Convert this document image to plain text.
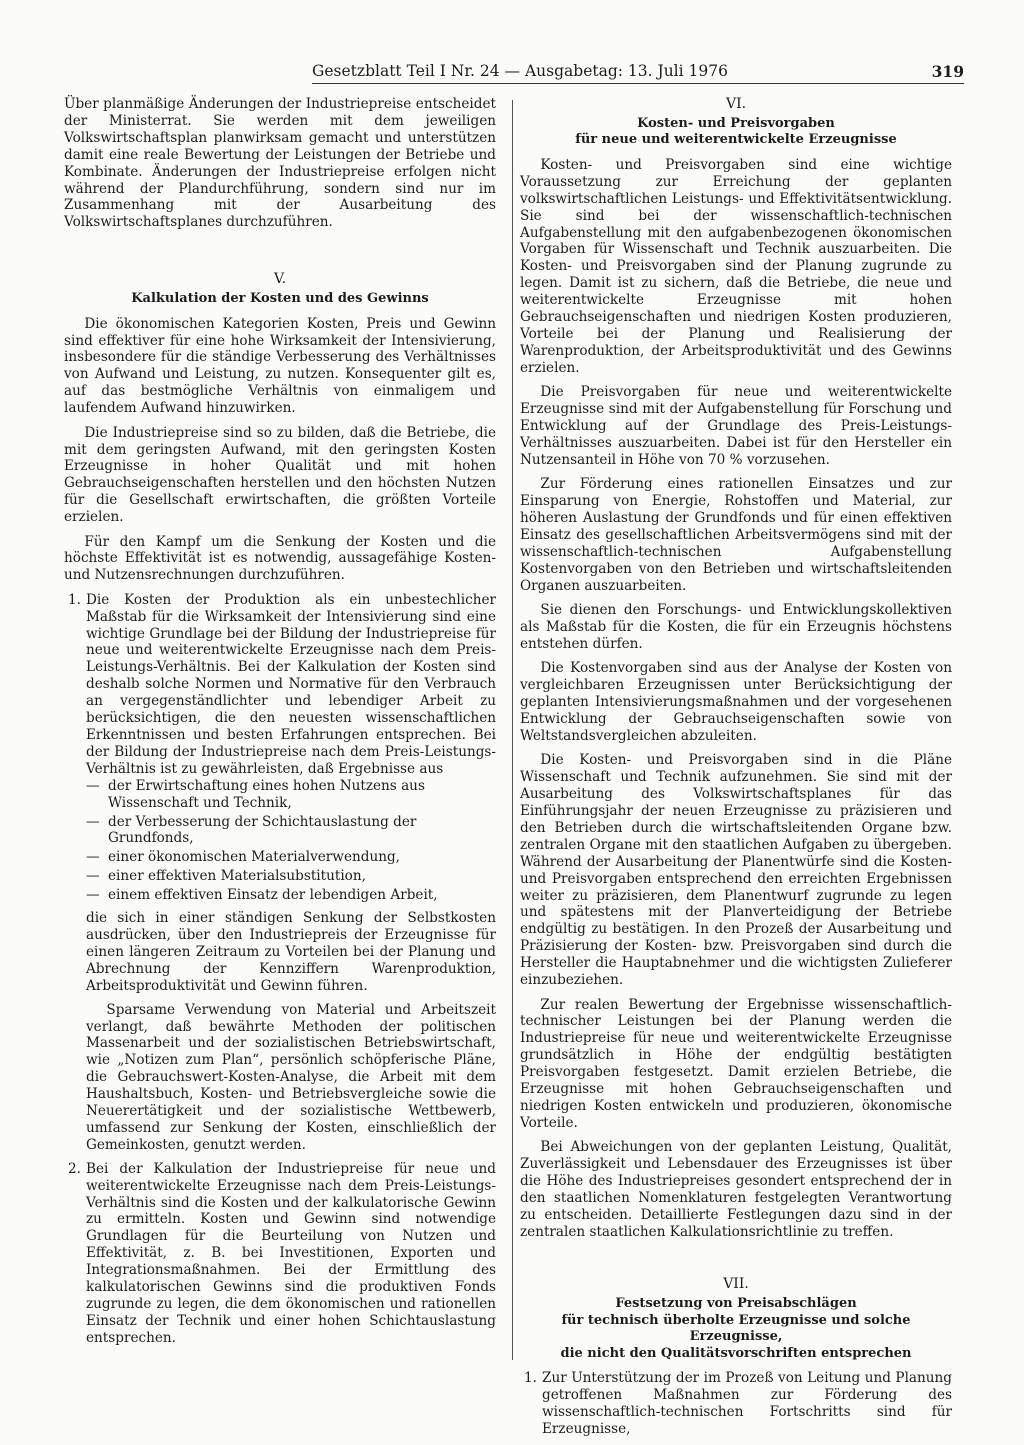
Gesetzblatt Teil I Nr. 24 — Ausgabetag: 13. Juli 1976	319

Über planmäßige Änderungen der Industriepreise entscheidet der Ministerrat. Sie werden mit dem jeweiligen Volkswirtschaftsplan planwirksam gemacht und unterstützen damit eine reale Bewertung der Leistungen der Betriebe und Kombinate. Änderungen der Industriepreise erfolgen nicht während der Plandurchführung, sondern sind nur im Zusammenhang mit der Ausarbeitung des Volkswirtschaftsplanes durchzuführen.

V.
Kalkulation der Kosten und des Gewinns

Die ökonomischen Kategorien Kosten, Preis und Gewinn sind effektiver für eine hohe Wirksamkeit der Intensivierung, insbesondere für die ständige Verbesserung des Verhältnisses von Aufwand und Leistung, zu nutzen. Konsequenter gilt es, auf das bestmögliche Verhältnis von einmaligem und laufendem Aufwand hinzuwirken.

Die Industriepreise sind so zu bilden, daß die Betriebe, die mit dem geringsten Aufwand, mit den geringsten Kosten Erzeugnisse in hoher Qualität und mit hohen Gebrauchseigenschaften herstellen und den höchsten Nutzen für die Gesellschaft erwirtschaften, die größten Vorteile erzielen.

Für den Kampf um die Senkung der Kosten und die höchste Effektivität ist es notwendig, aussagefähige Kosten- und Nutzensrechnungen durchzuführen.

1. Die Kosten der Produktion als ein unbestechlicher Maßstab für die Wirksamkeit der Intensivierung sind eine wichtige Grundlage bei der Bildung der Industriepreise für neue und weiterentwickelte Erzeugnisse nach dem Preis-Leistungs-Verhältnis. Bei der Kalkulation der Kosten sind deshalb solche Normen und Normative für den Verbrauch an vergegenständlichter und lebendiger Arbeit zu berücksichtigen, die den neuesten wissenschaftlichen Erkenntnissen und besten Erfahrungen entsprechen. Bei der Bildung der Industriepreise nach dem Preis-Leistungs-Verhältnis ist zu gewährleisten, daß Ergebnisse aus

— der Erwirtschaftung eines hohen Nutzens aus Wissenschaft und Technik,
— der Verbesserung der Schichtauslastung der Grundfonds,
— einer ökonomischen Materialverwendung,
— einer effektiven Materialsubstitution,
— einem effektiven Einsatz der lebendigen Arbeit,

die sich in einer ständigen Senkung der Selbstkosten ausdrücken, über den Industriepreis der Erzeugnisse für einen längeren Zeitraum zu Vorteilen bei der Planung und Abrechnung der Kennziffern Warenproduktion, Arbeitsproduktivität und Gewinn führen.

Sparsame Verwendung von Material und Arbeitszeit verlangt, daß bewährte Methoden der politischen Massenarbeit und der sozialistischen Betriebswirtschaft, wie „Notizen zum Plan“, persönlich schöpferische Pläne, die Gebrauchswert-Kosten-Analyse, die Arbeit mit dem Haushaltsbuch, Kosten- und Betriebsvergleiche sowie die Neuerertätigkeit und der sozialistische Wettbewerb, umfassend zur Senkung der Kosten, einschließlich der Gemeinkosten, genutzt werden.

2. Bei der Kalkulation der Industriepreise für neue und weiterentwickelte Erzeugnisse nach dem Preis-Leistungs-Verhältnis sind die Kosten und der kalkulatorische Gewinn zu ermitteln. Kosten und Gewinn sind notwendige Grundlagen für die Beurteilung von Nutzen und Effektivität, z. B. bei Investitionen, Exporten und Integrationsmaßnahmen. Bei der Ermittlung des kalkulatorischen Gewinns sind die produktiven Fonds zugrunde zu legen, die dem ökonomischen und rationellen Einsatz der Technik und einer hohen Schichtauslastung entsprechen.

VI.
Kosten- und Preisvorgaben
für neue und weiterentwickelte Erzeugnisse

Kosten- und Preisvorgaben sind eine wichtige Voraussetzung zur Erreichung der geplanten volkswirtschaftlichen Leistungs- und Effektivitätsentwicklung. Sie sind bei der wissenschaftlich-technischen Aufgabenstellung mit den aufgabenbezogenen ökonomischen Vorgaben für Wissenschaft und Technik auszuarbeiten. Die Kosten- und Preisvorgaben sind der Planung zugrunde zu legen. Damit ist zu sichern, daß die Betriebe, die neue und weiterentwickelte Erzeugnisse mit hohen Gebrauchseigenschaften und niedrigen Kosten produzieren, Vorteile bei der Planung und Realisierung der Warenproduktion, der Arbeitsproduktivität und des Gewinns erzielen.

Die Preisvorgaben für neue und weiterentwickelte Erzeugnisse sind mit der Aufgabenstellung für Forschung und Entwicklung auf der Grundlage des Preis-Leistungs-Verhältnisses auszuarbeiten. Dabei ist für den Hersteller ein Nutzensanteil in Höhe von 70 % vorzusehen.

Zur Förderung eines rationellen Einsatzes und zur Einsparung von Energie, Rohstoffen und Material, zur höheren Auslastung der Grundfonds und für einen effektiven Einsatz des gesellschaftlichen Arbeitsvermögens sind mit der wissenschaftlich-technischen Aufgabenstellung Kostenvorgaben von den Betrieben und wirtschaftsleitenden Organen auszuarbeiten.

Sie dienen den Forschungs- und Entwicklungskollektiven als Maßstab für die Kosten, die für ein Erzeugnis höchstens entstehen dürfen.

Die Kostenvorgaben sind aus der Analyse der Kosten von vergleichbaren Erzeugnissen unter Berücksichtigung der geplanten Intensivierungsmaßnahmen und der vorgesehenen Entwicklung der Gebrauchseigenschaften sowie von Weltstandsvergleichen abzuleiten.

Die Kosten- und Preisvorgaben sind in die Pläne Wissenschaft und Technik aufzunehmen. Sie sind mit der Ausarbeitung des Volkswirtschaftsplanes für das Einführungsjahr der neuen Erzeugnisse zu präzisieren und den Betrieben durch die wirtschaftsleitenden Organe bzw. zentralen Organe mit den staatlichen Aufgaben zu übergeben. Während der Ausarbeitung der Planentwürfe sind die Kosten- und Preisvorgaben entsprechend den erreichten Ergebnissen weiter zu präzisieren, dem Planentwurf zugrunde zu legen und spätestens mit der Planverteidigung der Betriebe endgültig zu bestätigen. In den Prozeß der Ausarbeitung und Präzisierung der Kosten- bzw. Preisvorgaben sind durch die Hersteller die Hauptabnehmer und die wichtigsten Zulieferer einzubeziehen.

Zur realen Bewertung der Ergebnisse wissenschaftlich-technischer Leistungen bei der Planung werden die Industriepreise für neue und weiterentwickelte Erzeugnisse grundsätzlich in Höhe der endgültig bestätigten Preisvorgaben festgesetzt. Damit erzielen Betriebe, die Erzeugnisse mit hohen Gebrauchseigenschaften und niedrigen Kosten entwickeln und produzieren, ökonomische Vorteile.

Bei Abweichungen von der geplanten Leistung, Qualität, Zuverlässigkeit und Lebensdauer des Erzeugnisses ist über die Höhe des Industriepreises gesondert entsprechend der in den staatlichen Nomenklaturen festgelegten Verantwortung zu entscheiden. Detaillierte Festlegungen dazu sind in der zentralen staatlichen Kalkulationsrichtlinie zu treffen.

VII.
Festsetzung von Preisabschlägen
für technisch überholte Erzeugnisse und solche Erzeugnisse,
die nicht den Qualitätsvorschriften entsprechen
1. Zur Unterstützung der im Prozeß von Leitung und Planung getroffenen Maßnahmen zur Förderung des wissenschaftlich-technischen Fortschritts sind für Erzeugnisse,
